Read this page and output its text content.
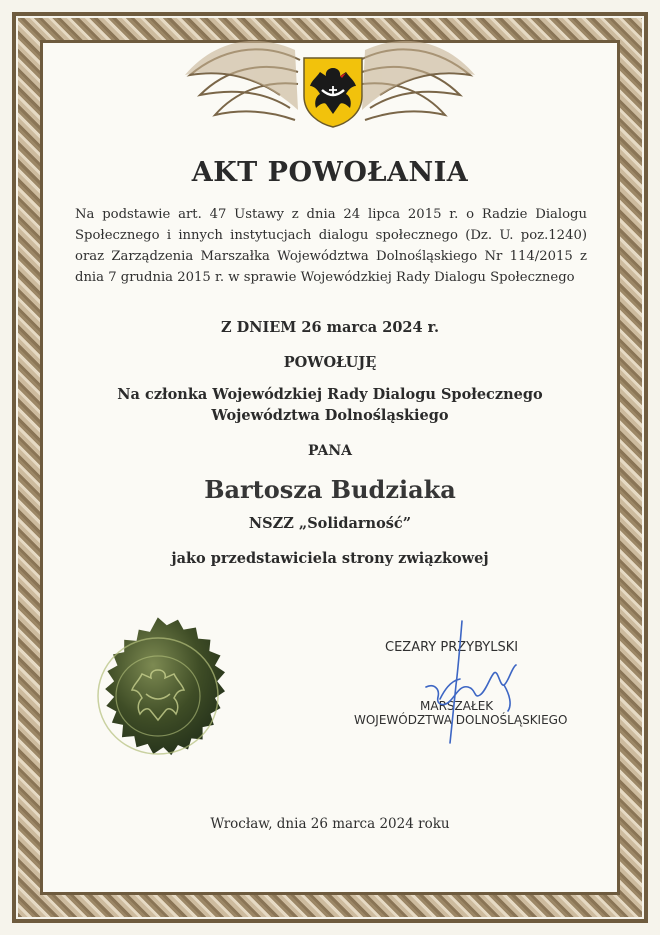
AKT POWOŁANIA
Na podstawie art. 47 Ustawy z dnia 24 lipca 2015 r. o Radzie Dialogu Społecznego i innych instytucjach dialogu społecznego (Dz. U. poz.1240) oraz Zarządzenia Marszałka Województwa Dolnośląskiego Nr 114/2015 z dnia 7 grudnia 2015 r. w sprawie Wojewódzkiej Rady Dialogu Społecznego
Z DNIEM 26 marca 2024 r.
POWOŁUJĘ
Na członka Wojewódzkiej Rady Dialogu Społecznego
Województwa Dolnośląskiego
PANA
Bartosza Budziaka
NSZZ „Solidarność”
jako przedstawiciela strony związkowej
CEZARY PRZYBYLSKI
MARSZAŁEK
WOJEWÓDZTWA DOLNOŚLĄSKIEGO
Wrocław, dnia 26 marca 2024 roku
